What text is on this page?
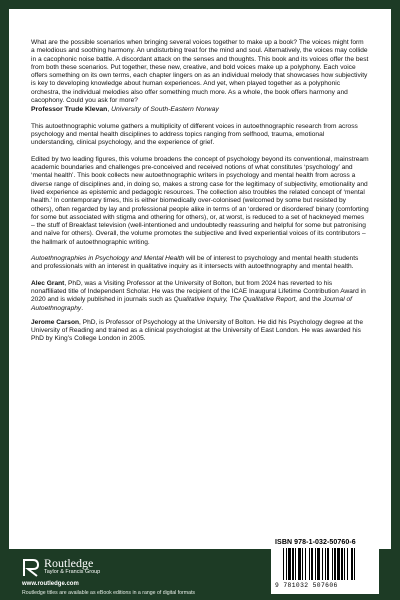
What are the possible scenarios when bringing several voices together to make up a book? The voices might form a melodious and soothing harmony. An undisturbing treat for the mind and soul. Alternatively, the voices may collide in a cacophonic noise battle. A discordant attack on the senses and thoughts. This book and its voices offer the best from both these scenarios. Put together, these new, creative, and bold voices make up a polyphony. Each voice offers something on its own terms, each chapter lingers on as an individual melody that showcases how subjectivity is key to developing knowledge about human experiences. And yet, when played together as a polyphonic orchestra, the individual melodies also offer something much more. As a whole, the book offers harmony and cacophony. Could you ask for more?

Professor Trude Klevan, University of South-Eastern Norway

This autoethnographic volume gathers a multiplicity of different voices in autoethnographic research from across psychology and mental health disciplines to address topics ranging from selfhood, trauma, emotional understanding, clinical psychology, and the experience of grief.

Edited by two leading figures, this volume broadens the concept of psychology beyond its conventional, mainstream academic boundaries and challenges pre-conceived and received notions of what constitutes ‘psychology’ and ‘mental health’. This book collects new autoethnographic writers in psychology and mental health from across a diverse range of disciplines and, in doing so, makes a strong case for the legitimacy of subjectivity, emotionality and lived experience as epistemic and pedagogic resources. The collection also troubles the related concept of ‘mental health.’ In contemporary times, this is either biomedically over-colonised (welcomed by some but resisted by others), often regarded by lay and professional people alike in terms of an ‘ordered or disordered’ binary (comforting for some but associated with stigma and othering for others), or, at worst, is reduced to a set of hackneyed memes – the stuff of Breakfast television (well-intentioned and undoubtedly reassuring and helpful for some but patronising and naïve for others). Overall, the volume promotes the subjective and lived experiential voices of its contributors – the hallmark of autoethnographic writing.

Autoethnographies in Psychology and Mental Health will be of interest to psychology and mental health students and professionals with an interest in qualitative inquiry as it intersects with autoethnography and mental health.

Alec Grant, PhD, was a Visiting Professor at the University of Bolton, but from 2024 has reverted to his nonaffiliated title of Independent Scholar. He was the recipient of the ICAE Inaugural Lifetime Contribution Award in 2020 and is widely published in journals such as Qualitative Inquiry, The Qualitative Report, and the Journal of Autoethnography.

Jerome Carson, PhD, is Professor of Psychology at the University of Bolton. He did his Psychology degree at the University of Reading and trained as a clinical psychologist at the University of East London. He was awarded his PhD by King’s College London in 2005.

Routledge
Taylor & Francis Group
www.routledge.com
Routledge titles are available as eBook editions in a range of digital formats
an informa business
ISBN 978-1-032-50760-6
9 781032 507606
